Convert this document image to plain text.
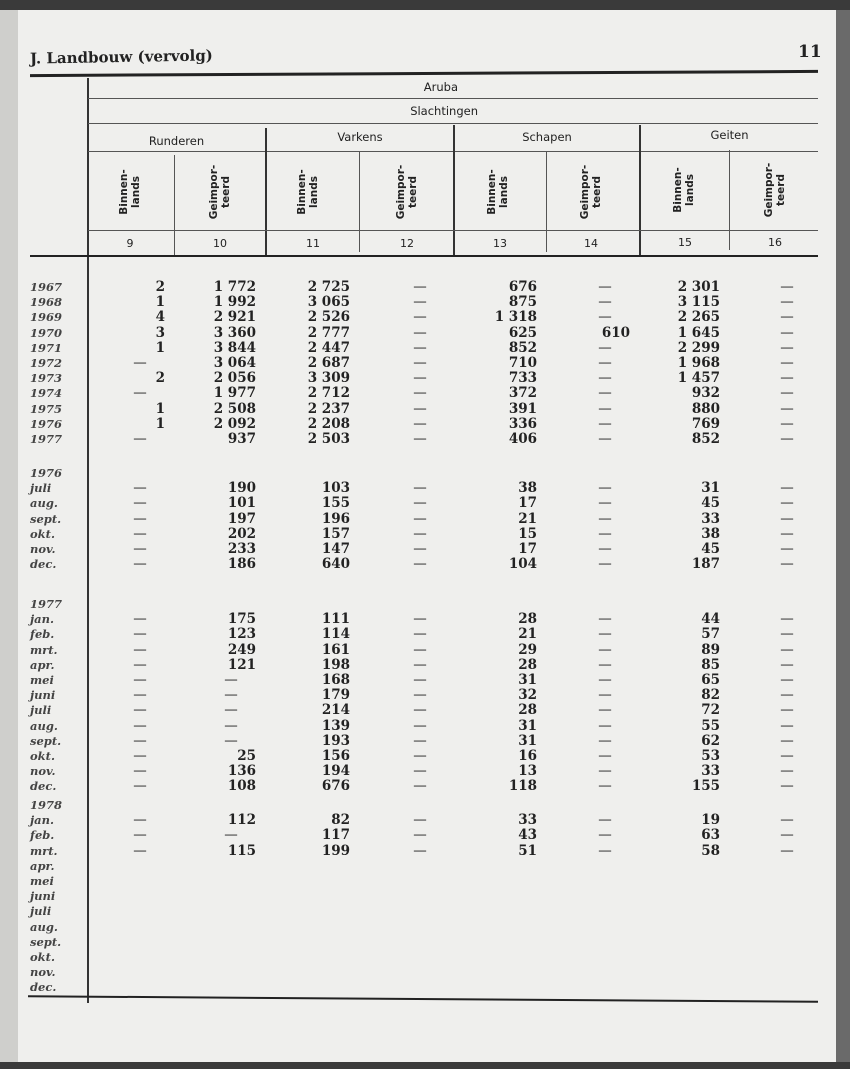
J. Landbouw (vervolg)	11
Aruba
Slachtingen
Runderen	Varkens	Schapen	Geiten
Binnen- lands	Geimpor- teerd	Binnen- lands	Geimpor- teerd	Binnen- lands	Geimpor- teerd	Binnen- lands	Geimpor- teerd
9	10	11	12	13	14	15	16
1967	2	1 772	2 725	—	676	—	2 301	—
1968	1	1 992	3 065	—	875	—	3 115	—
1969	4	2 921	2 526	—	1 318	—	2 265	—
1970	3	3 360	2 777	—	625	610	1 645	—
1971	1	3 844	2 447	—	852	—	2 299	—
1972	—	3 064	2 687	—	710	—	1 968	—
1973	2	2 056	3 309	—	733	—	1 457	—
1974	—	1 977	2 712	—	372	—	932	—
1975	1	2 508	2 237	—	391	—	880	—
1976	1	2 092	2 208	—	336	—	769	—
1977	—	937	2 503	—	406	—	852	—
1976
juli	—	190	103	—	38	—	31	—
aug.	—	101	155	—	17	—	45	—
sept.	—	197	196	—	21	—	33	—
okt.	—	202	157	—	15	—	38	—
nov.	—	233	147	—	17	—	45	—
dec.	—	186	640	—	104	—	187	—
1977
jan.	—	175	111	—	28	—	44	—
feb.	—	123	114	—	21	—	57	—
mrt.	—	249	161	—	29	—	89	—
apr.	—	121	198	—	28	—	85	—
mei	—	—	168	—	31	—	65	—
juni	—	—	179	—	32	—	82	—
juli	—	—	214	—	28	—	72	—
aug.	—	—	139	—	31	—	55	—
sept.	—	—	193	—	31	—	62	—
okt.	—	25	156	—	16	—	53	—
nov.	—	136	194	—	13	—	33	—
dec.	—	108	676	—	118	—	155	—
1978
jan.	—	112	82	—	33	—	19	—
feb.	—	—	117	—	43	—	63	—
mrt.	—	115	199	—	51	—	58	—
apr.
mei
juni
juli
aug.
sept.
okt.
nov.
dec.
